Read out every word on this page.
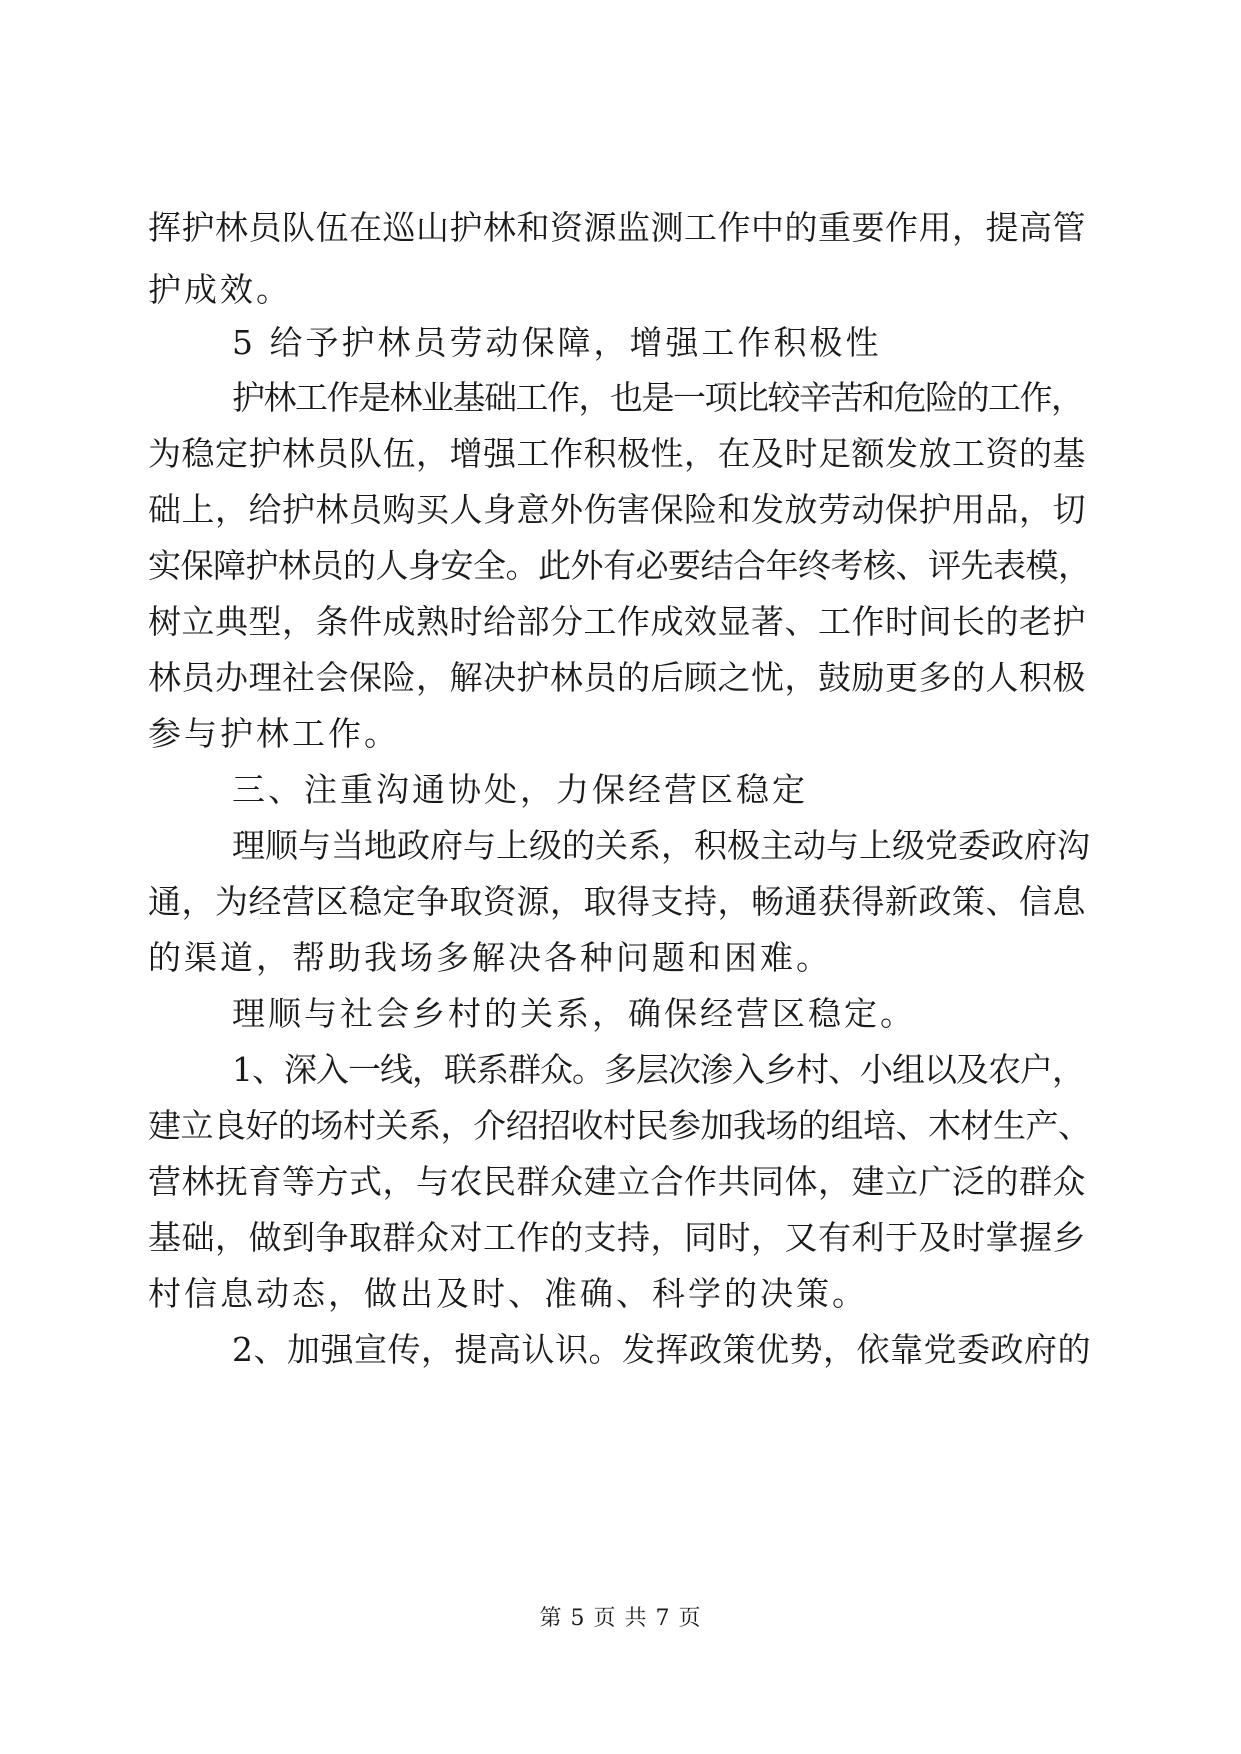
挥护林员队伍在巡山护林和资源监测工作中的重要作用，提高管
护成效。
5 给予护林员劳动保障，增强工作积极性
护林工作是林业基础工作，也是一项比较辛苦和危险的工作，
为稳定护林员队伍，增强工作积极性，在及时足额发放工资的基
础上，给护林员购买人身意外伤害保险和发放劳动保护用品，切
实保障护林员的人身安全。此外有必要结合年终考核、评先表模，
树立典型，条件成熟时给部分工作成效显著、工作时间长的老护
林员办理社会保险，解决护林员的后顾之忧，鼓励更多的人积极
参与护林工作。
三、注重沟通协处，力保经营区稳定
理顺与当地政府与上级的关系，积极主动与上级党委政府沟
通，为经营区稳定争取资源，取得支持，畅通获得新政策、信息
的渠道，帮助我场多解决各种问题和困难。
理顺与社会乡村的关系，确保经营区稳定。
1、深入一线，联系群众。多层次渗入乡村、小组以及农户，
建立良好的场村关系，介绍招收村民参加我场的组培、木材生产、
营林抚育等方式，与农民群众建立合作共同体，建立广泛的群众
基础，做到争取群众对工作的支持，同时，又有利于及时掌握乡
村信息动态，做出及时、准确、科学的决策。
2、加强宣传，提高认识。发挥政策优势，依靠党委政府的
第 5 页 共 7 页
